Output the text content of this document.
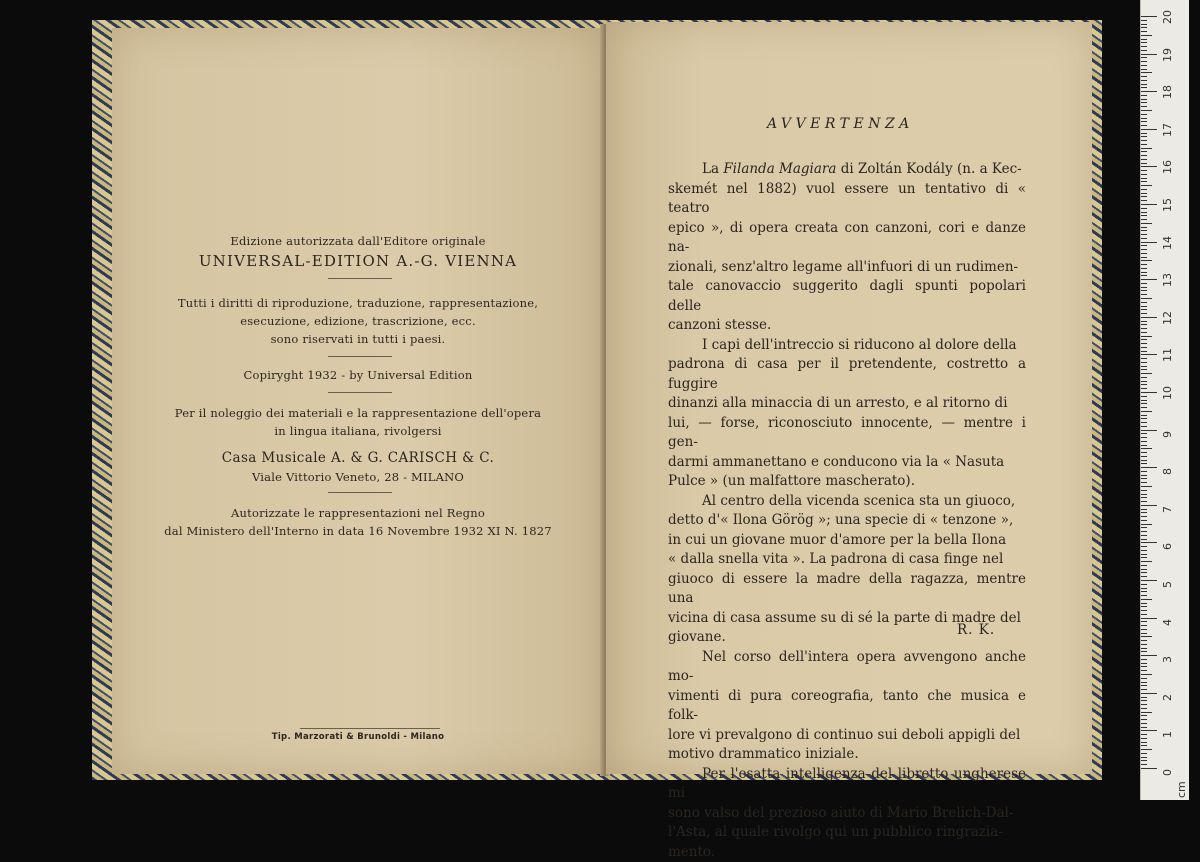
Edizione autorizzata dall'Editore originale
UNIVERSAL-EDITION A.-G. VIENNA
Tutti i diritti di riproduzione, traduzione, rappresentazione,
esecuzione, edizione, trascrizione, ecc.
sono riservati in tutti i paesi.
Copiryght 1932 - by Universal Edition
Per il noleggio dei materiali e la rappresentazione dell'opera
in lingua italiana, rivolgersi
Casa Musicale A. & G. CARISCH & C.
Viale Vittorio Veneto, 28 - MILANO
Autorizzate le rappresentazioni nel Regno
dal Ministero dell'Interno in data 16 Novembre 1932 XI N. 1827
Tip. Marzorati & Brunoldi - Milano
AVVERTENZA
La Filanda Magiara di Zoltán Kodály (n. a Kec-
skemét nel 1882) vuol essere un tentativo di « teatro
epico », di opera creata con canzoni, cori e danze na-
zionali, senz'altro legame all'infuori di un rudimen-
tale canovaccio suggerito dagli spunti popolari delle
canzoni stesse.
I capi dell'intreccio si riducono al dolore della
padrona di casa per il pretendente, costretto a fuggire
dinanzi alla minaccia di un arresto, e al ritorno di
lui, — forse, riconosciuto innocente, — mentre i gen-
darmi ammanettano e conducono via la « Nasuta
Pulce » (un malfattore mascherato).
Al centro della vicenda scenica sta un giuoco,
detto d'« Ilona Görög »; una specie di « tenzone »,
in cui un giovane muor d'amore per la bella Ilona
« dalla snella vita ». La padrona di casa finge nel
giuoco di essere la madre della ragazza, mentre una
vicina di casa assume su di sé la parte di madre del
giovane.
Nel corso dell'intera opera avvengono anche mo-
vimenti di pura coreografia, tanto che musica e folk-
lore vi prevalgono di continuo sui deboli appigli del
motivo drammatico iniziale.
Per l'esatta intelligenza del libretto ungherese mi
sono valso del prezioso aiuto di Mario Brelich-Dal-
l'Asta, al quale rivolgo qui un pubblico ringrazia-
mento.
R. K.
0
1
2
3
4
5
6
7
8
9
10
11
12
13
14
15
16
17
18
19
20
cm
